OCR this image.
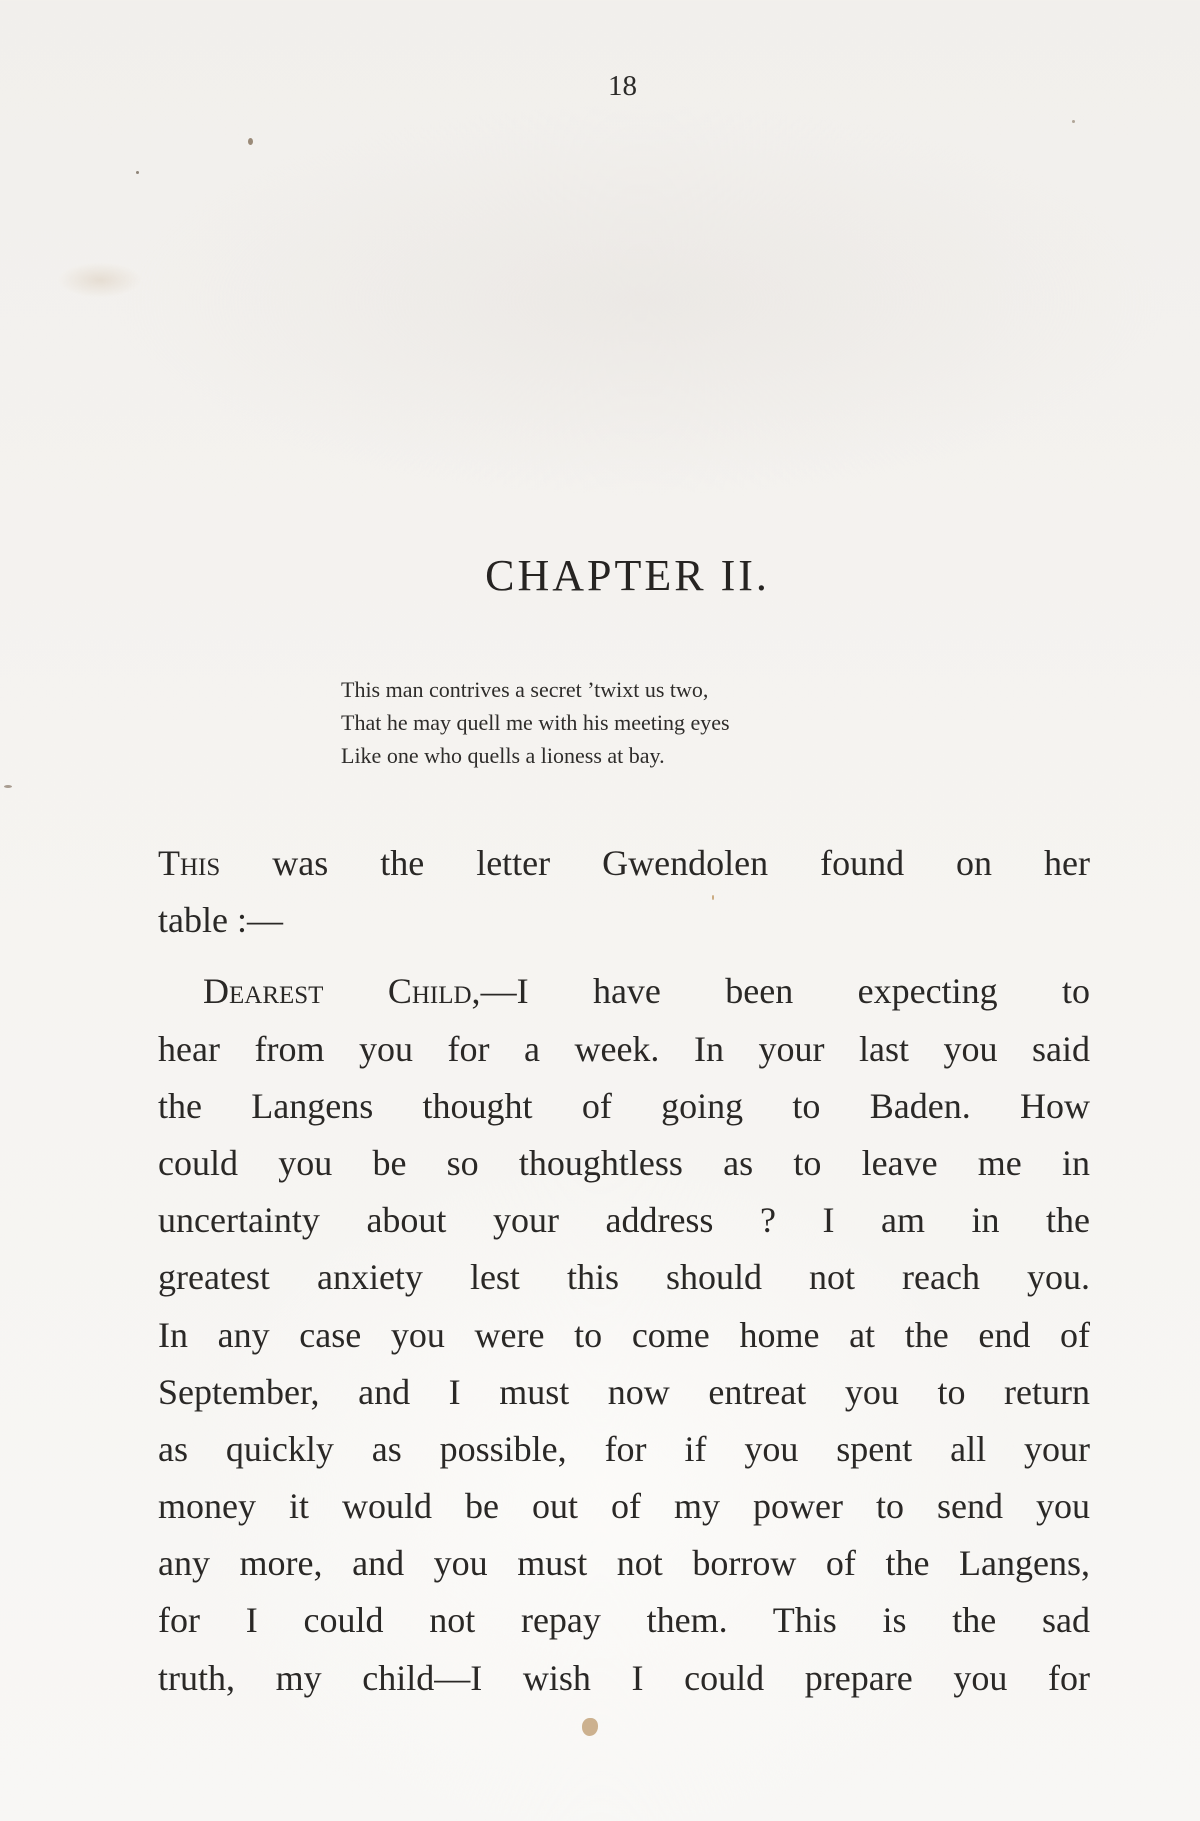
18
CHAPTER II.
This man contrives a secret ’twixt us two,
That he may quell me with his meeting eyes
Like one who quells a lioness at bay.
This was the letter Gwendolen found on her
table :—
Dearest Child,—I have been expecting to
hear from you for a week. In your last you said
the Langens thought of going to Baden. How
could you be so thoughtless as to leave me in
uncertainty about your address ? I am in the
greatest anxiety lest this should not reach you.
In any case you were to come home at the end of
September, and I must now entreat you to return
as quickly as possible, for if you spent all your
money it would be out of my power to send you
any more, and you must not borrow of the Langens,
for I could not repay them. This is the sad
truth, my child—I wish I could prepare you for
